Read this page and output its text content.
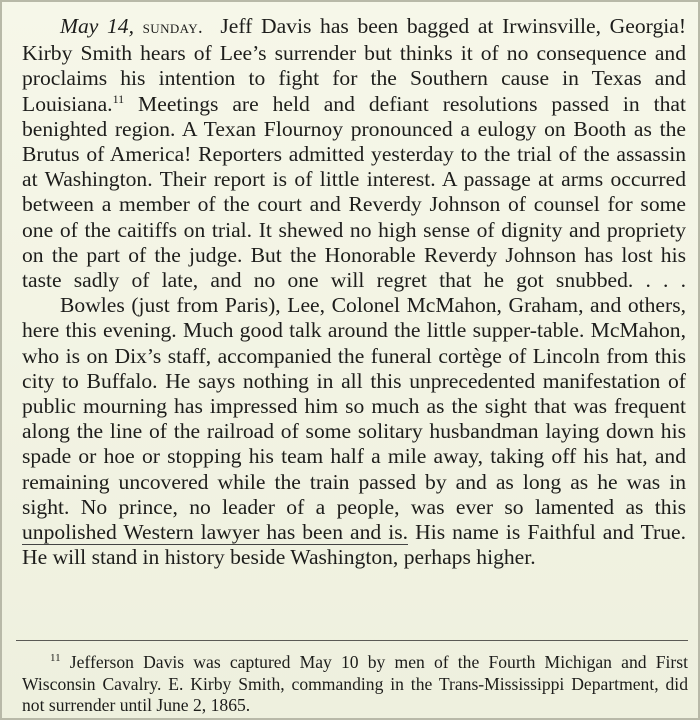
May 14, sunday. Jeff Davis has been bagged at Irwinsville, Georgia! Kirby Smith hears of Lee’s surrender but thinks it of no consequence and proclaims his intention to fight for the Southern cause in Texas and Louisiana.$^{11}$ Meetings are held and defiant resolutions passed in that benighted region. A Texan Flournoy pronounced a eulogy on Booth as the Brutus of America! Reporters admitted yesterday to the trial of the assassin at Washington. Their report is of little interest. A passage at arms occurred between a member of the court and Reverdy Johnson of counsel for some one of the caitiffs on trial. It shewed no high sense of dignity and propriety on the part of the judge. But the Honorable Reverdy Johnson has lost his taste sadly of late, and no one will regret that he got snubbed. . . .

Bowles (just from Paris), Lee, Colonel McMahon, Graham, and others, here this evening. Much good talk around the little supper-table. McMahon, who is on Dix’s staff, accompanied the funeral cortège of Lincoln from this city to Buffalo. He says nothing in all this unprecedented manifestation of public mourning has impressed him so much as the sight that was frequent along the line of the railroad of some solitary husbandman laying down his spade or hoe or stopping his team half a mile away, taking off his hat, and remaining uncovered while the train passed by and as long as he was in sight. No prince, no leader of a people, was ever so lamented as this unpolished Western lawyer has been and is. His name is Faithful and True. He will stand in history beside Washington, perhaps higher.

$^{11}$ Jefferson Davis was captured May 10 by men of the Fourth Michigan and First Wisconsin Cavalry. E. Kirby Smith, commanding in the Trans-Mississippi Department, did not surrender until June 2, 1865.
